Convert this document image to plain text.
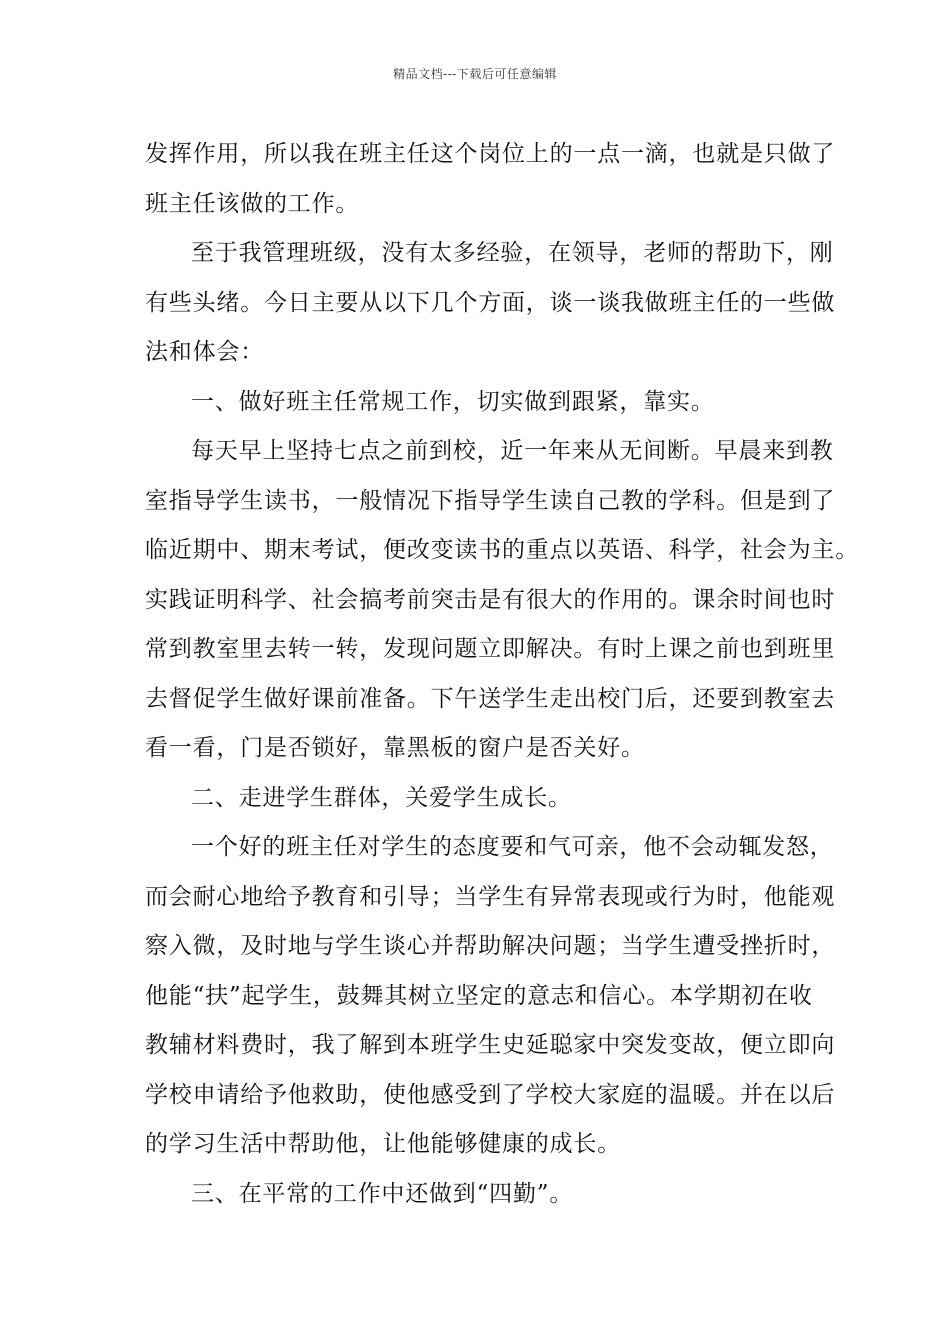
精品文档---下载后可任意编辑

发挥作用，所以我在班主任这个岗位上的一点一滴，也就是只做了
班主任该做的工作。

至于我管理班级，没有太多经验，在领导，老师的帮助下，刚
有些头绪。今日主要从以下几个方面，谈一谈我做班主任的一些做
法和体会：

一、做好班主任常规工作，切实做到跟紧，靠实。

每天早上坚持七点之前到校，近一年来从无间断。早晨来到教
室指导学生读书，一般情况下指导学生读自己教的学科。但是到了
临近期中、期末考试，便改变读书的重点以英语、科学，社会为主。
实践证明科学、社会搞考前突击是有很大的作用的。课余时间也时
常到教室里去转一转，发现问题立即解决。有时上课之前也到班里
去督促学生做好课前准备。下午送学生走出校门后，还要到教室去
看一看，门是否锁好，靠黑板的窗户是否关好。

二、走进学生群体，关爱学生成长。

一个好的班主任对学生的态度要和气可亲，他不会动辄发怒，
而会耐心地给予教育和引导；当学生有异常表现或行为时，他能观
察入微，及时地与学生谈心并帮助解决问题；当学生遭受挫折时，
他能“扶”起学生，鼓舞其树立坚定的意志和信心。本学期初在收
教辅材料费时，我了解到本班学生史延聪家中突发变故，便立即向
学校申请给予他救助，使他感受到了学校大家庭的温暖。并在以后
的学习生活中帮助他，让他能够健康的成长。

三、在平常的工作中还做到“四勤”。
